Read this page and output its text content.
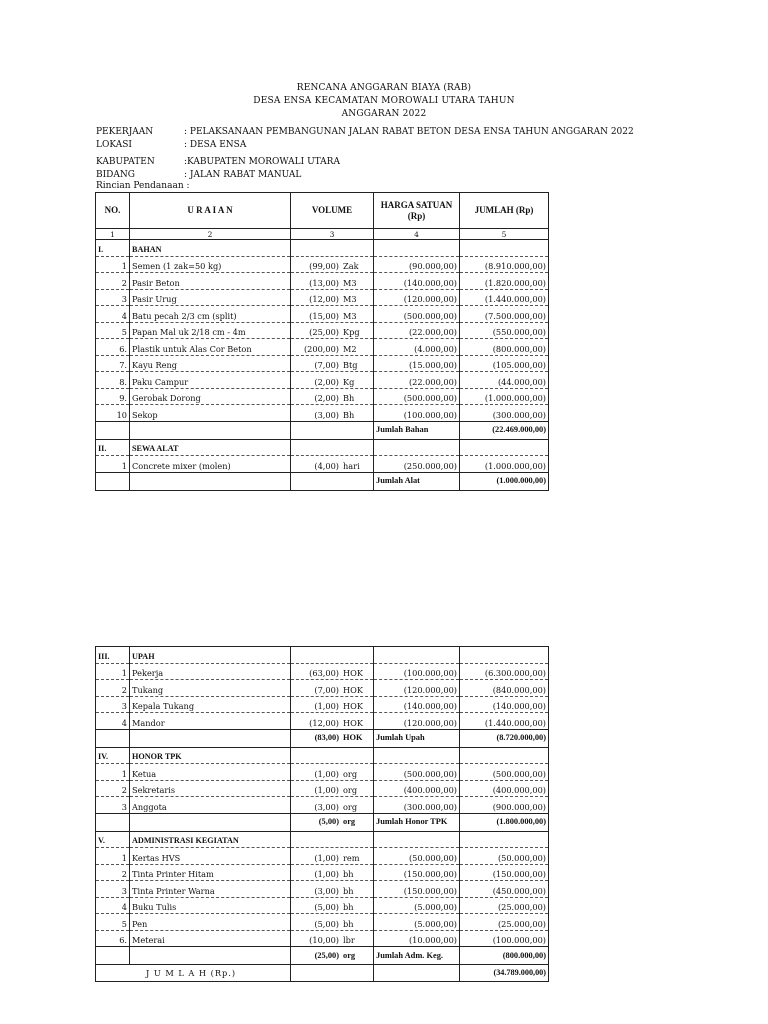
RENCANA ANGGARAN BIAYA (RAB)
DESA ENSA KECAMATAN MOROWALI UTARA TAHUN
ANGGARAN 2022
PEKERJAAN	: PELAKSANAAN PEMBANGUNAN JALAN RABAT BETON DESA ENSA TAHUN ANGGARAN 2022
LOKASI	: DESA ENSA
KABUPATEN	:KABUPATEN MOROWALI UTARA
BIDANG	: JALAN RABAT MANUAL
Rincian Pendanaan :
NO.	U R A I A N	VOLUME	HARGA SATUAN (Rp)	JUMLAH (Rp)
1	2	3	4	5
I.	BAHAN			
1	Semen (1 zak=50 kg)	(99,00) Zak	(90.000,00)	(8.910.000,00)
2	Pasir Beton	(13,00) M3	(140.000,00)	(1.820.000,00)
3	Pasir Urug	(12,00) M3	(120.000,00)	(1.440.000,00)
4	Batu pecah 2/3 cm (split)	(15,00) M3	(500.000,00)	(7.500.000,00)
5	Papan Mal uk 2/18 cm - 4m	(25,00) Kpg	(22.000,00)	(550.000,00)
6.	Plastik untuk Alas Cor Beton	(200,00) M2	(4.000,00)	(800.000,00)
7.	Kayu Reng	(7,00) Btg	(15.000,00)	(105.000,00)
8.	Paku Campur	(2,00) Kg	(22.000,00)	(44.000,00)
9.	Gerobak Dorong	(2,00) Bh	(500.000,00)	(1.000.000,00)
10	Sekop	(3,00) Bh	(100.000,00)	(300.000,00)
			Jumlah Bahan	(22.469.000,00)
II.	SEWA ALAT			
1	Concrete mixer (molen)	(4,00) hari	(250.000,00)	(1.000.000,00)
			Jumlah Alat	(1.000.000,00)
III.	UPAH			
1	Pekerja	(63,00) HOK	(100.000,00)	(6.300.000,00)
2	Tukang	(7,00) HOK	(120.000,00)	(840.000,00)
3	Kepala Tukang	(1,00) HOK	(140.000,00)	(140.000,00)
4	Mandor	(12,00) HOK	(120.000,00)	(1.440.000,00)
		(83,00) HOK	Jumlah Upah	(8.720.000,00)
IV.	HONOR TPK			
1	Ketua	(1,00) org	(500.000,00)	(500.000,00)
2	Sekretaris	(1,00) org	(400.000,00)	(400.000,00)
3	Anggota	(3,00) org	(300.000,00)	(900.000,00)
		(5,00) org	Jumlah Honor TPK	(1.800.000,00)
V.	ADMINISTRASI KEGIATAN			
1	Kertas HVS	(1,00) rem	(50.000,00)	(50.000,00)
2	Tinta Printer Hitam	(1,00) bh	(150.000,00)	(150.000,00)
3	Tinta Printer Warna	(3,00) bh	(150.000,00)	(450.000,00)
4	Buku Tulis	(5,00) bh	(5.000,00)	(25.000,00)
5	Pen	(5,00) bh	(5.000,00)	(25.000,00)
6.	Meterai	(10,00) lbr	(10.000,00)	(100.000,00)
		(25,00) org	Jumlah Adm. Keg.	(800.000,00)
J U M L A H (Rp.)				(34.789.000,00)
